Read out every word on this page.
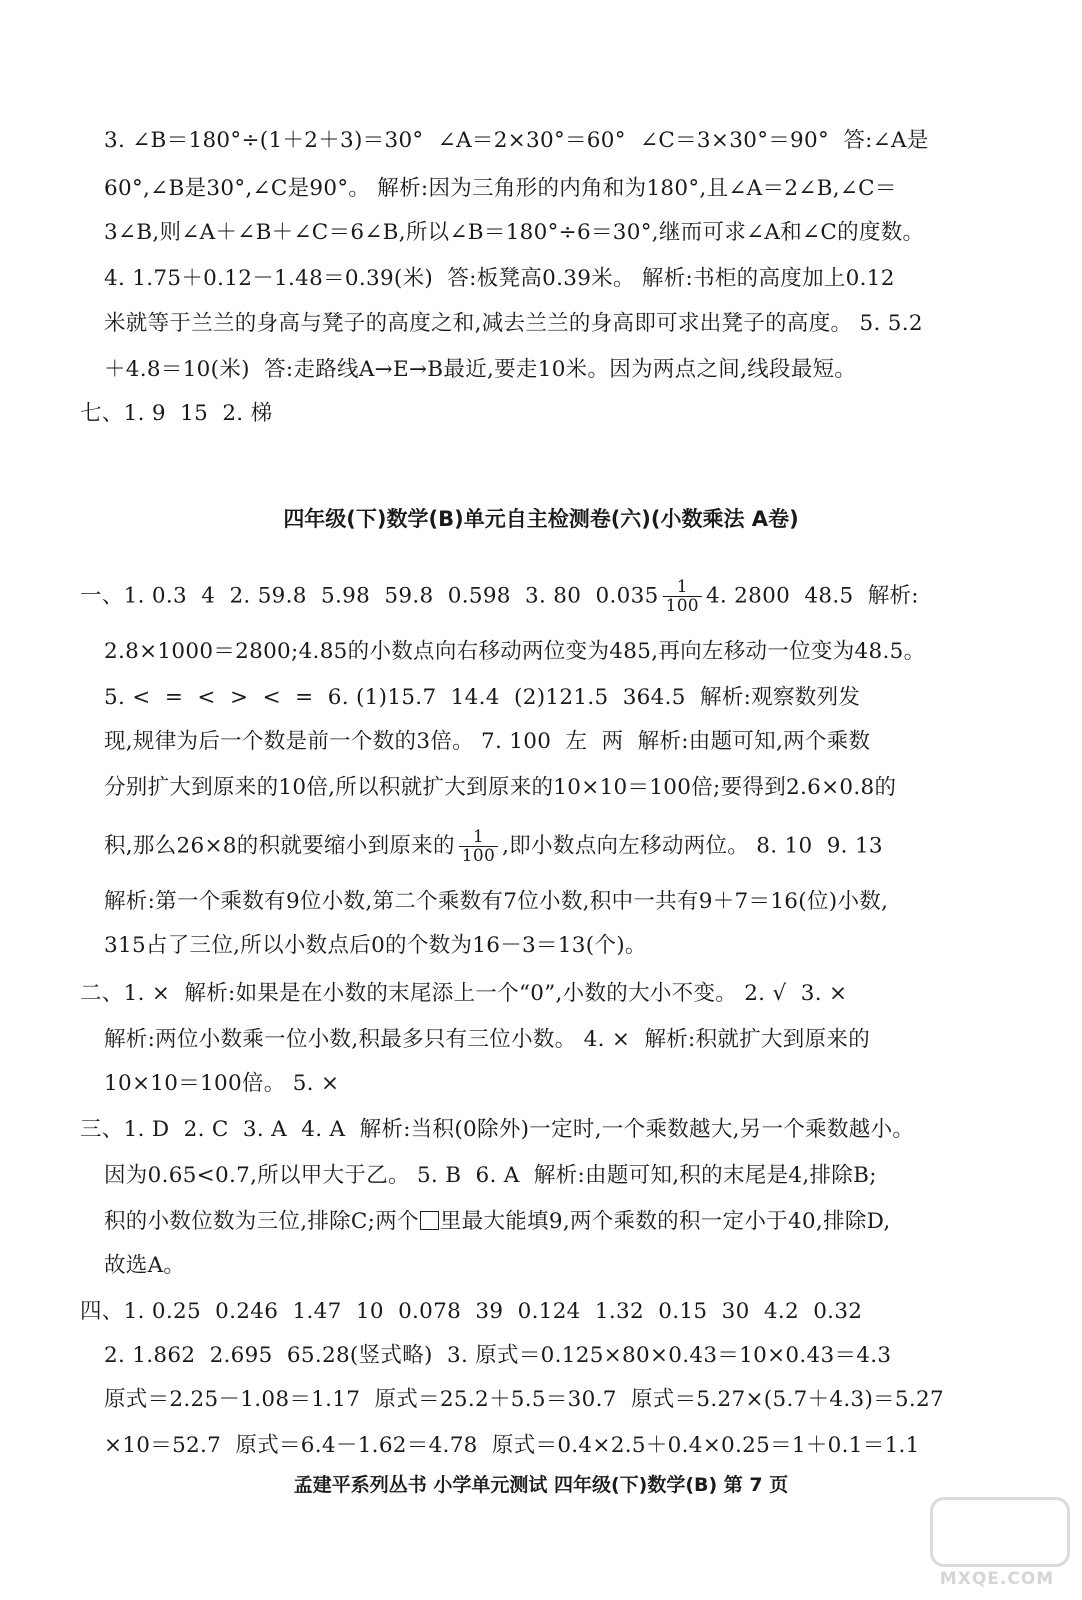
3. ∠B＝180°÷(1＋2＋3)＝30°  ∠A＝2×30°＝60°  ∠C＝3×30°＝90°  答:∠A是
60°,∠B是30°,∠C是90°。 解析:因为三角形的内角和为180°,且∠A＝2∠B,∠C＝
3∠B,则∠A＋∠B＋∠C＝6∠B,所以∠B＝180°÷6＝30°,继而可求∠A和∠C的度数。
4. 1.75＋0.12－1.48＝0.39(米)  答:板凳高0.39米。 解析:书柜的高度加上0.12
米就等于兰兰的身高与凳子的高度之和,减去兰兰的身高即可求出凳子的高度。 5. 5.2
＋4.8＝10(米)  答:走路线A→E→B最近,要走10米。因为两点之间,线段最短。
七、1. 9  15  2. 梯
四年级(下)数学(B)单元自主检测卷(六)(小数乘法 A卷)
一、1. 0.3  4  2. 59.8  5.98  59.8  0.598  3. 80  $0.035 \frac{1}{100} 4$. 2800  48.5  解析:
2.8×1000＝2800;4.85的小数点向右移动两位变为485,再向左移动一位变为48.5。
5. <  =  <  >  <  =  6. (1)15.7  14.4  (2)121.5  364.5  解析:观察数列发
现,规律为后一个数是前一个数的3倍。 7. 100  左  两  解析:由题可知,两个乘数
分别扩大到原来的10倍,所以积就扩大到原来的10×10＝100倍;要得到2.6×0.8的
积,那么26×8的积就要缩小到原来的 $\frac{1}{100}$ ,即小数点向左移动两位。 8. 10  9. 13
解析:第一个乘数有9位小数,第二个乘数有7位小数,积中一共有9＋7＝16(位)小数,
315占了三位,所以小数点后0的个数为16－3＝13(个)。
二、1. ×  解析:如果是在小数的末尾添上一个“0”,小数的大小不变。 2. √  3. ×
解析:两位小数乘一位小数,积最多只有三位小数。 4. ×  解析:积就扩大到原来的
10×10＝100倍。 5. ×
三、1. D  2. C  3. A  4. A  解析:当积(0除外)一定时,一个乘数越大,另一个乘数越小。
因为0.65<0.7,所以甲大于乙。 5. B  6. A  解析:由题可知,积的末尾是4,排除B;
积的小数位数为三位,排除C;两个 里最大能填9,两个乘数的积一定小于40,排除D,
故选A。
四、1. 0.25  0.246  1.47  10  0.078  39  0.124  1.32  0.15  30  4.2  0.32
2. 1.862  2.695  65.28(竖式略)  3. 原式＝0.125×80×0.43＝10×0.43＝4.3
原式＝2.25－1.08＝1.17  原式＝25.2＋5.5＝30.7  原式＝5.27×(5.7＋4.3)＝5.27
×10＝52.7  原式＝6.4－1.62＝4.78  原式＝0.4×2.5＋0.4×0.25＝1＋0.1＝1.1
孟建平系列丛书 小学单元测试 四年级(下)数学(B) 第 7 页
MXQE.COM
